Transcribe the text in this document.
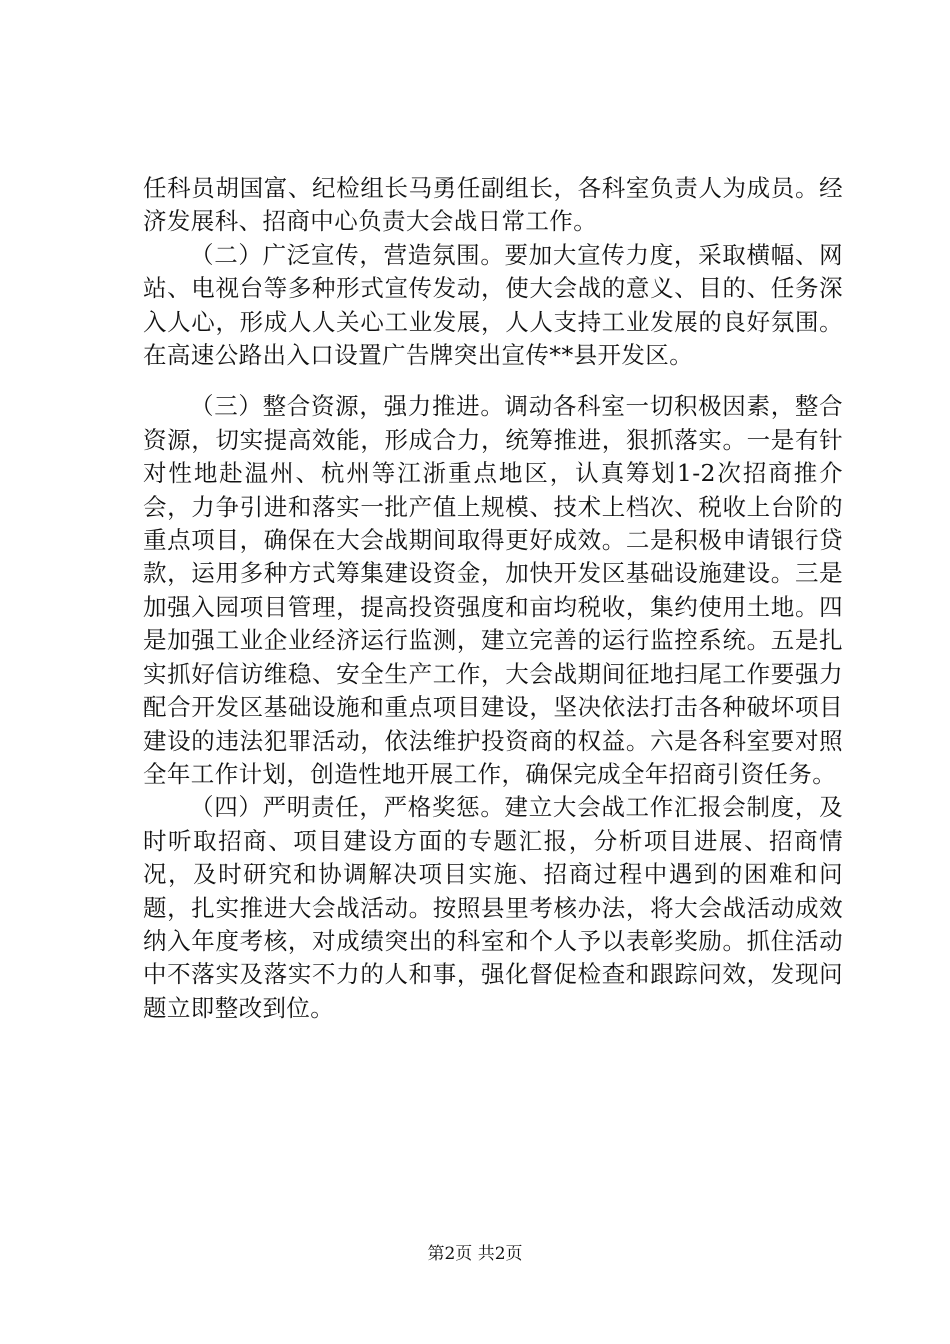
任科员胡国富、纪检组长马勇任副组长，各科室负责人为成员。经济发展科、招商中心负责大会战日常工作。

（二）广泛宣传，营造氛围。要加大宣传力度，采取横幅、网站、电视台等多种形式宣传发动，使大会战的意义、目的、任务深入人心，形成人人关心工业发展，人人支持工业发展的良好氛围。在高速公路出入口设置广告牌突出宣传**县开发区。

（三）整合资源，强力推进。调动各科室一切积极因素，整合资源，切实提高效能，形成合力，统筹推进，狠抓落实。一是有针对性地赴温州、杭州等江浙重点地区，认真筹划1-2次招商推介会，力争引进和落实一批产值上规模、技术上档次、税收上台阶的重点项目，确保在大会战期间取得更好成效。二是积极申请银行贷款，运用多种方式筹集建设资金，加快开发区基础设施建设。三是加强入园项目管理，提高投资强度和亩均税收，集约使用土地。四是加强工业企业经济运行监测，建立完善的运行监控系统。五是扎实抓好信访维稳、安全生产工作，大会战期间征地扫尾工作要强力配合开发区基础设施和重点项目建设，坚决依法打击各种破坏项目建设的违法犯罪活动，依法维护投资商的权益。六是各科室要对照全年工作计划，创造性地开展工作，确保完成全年招商引资任务。

（四）严明责任，严格奖惩。建立大会战工作汇报会制度，及时听取招商、项目建设方面的专题汇报，分析项目进展、招商情况，及时研究和协调解决项目实施、招商过程中遇到的困难和问题，扎实推进大会战活动。按照县里考核办法，将大会战活动成效纳入年度考核，对成绩突出的科室和个人予以表彰奖励。抓住活动中不落实及落实不力的人和事，强化督促检查和跟踪问效，发现问题立即整改到位。

第2页 共2页
